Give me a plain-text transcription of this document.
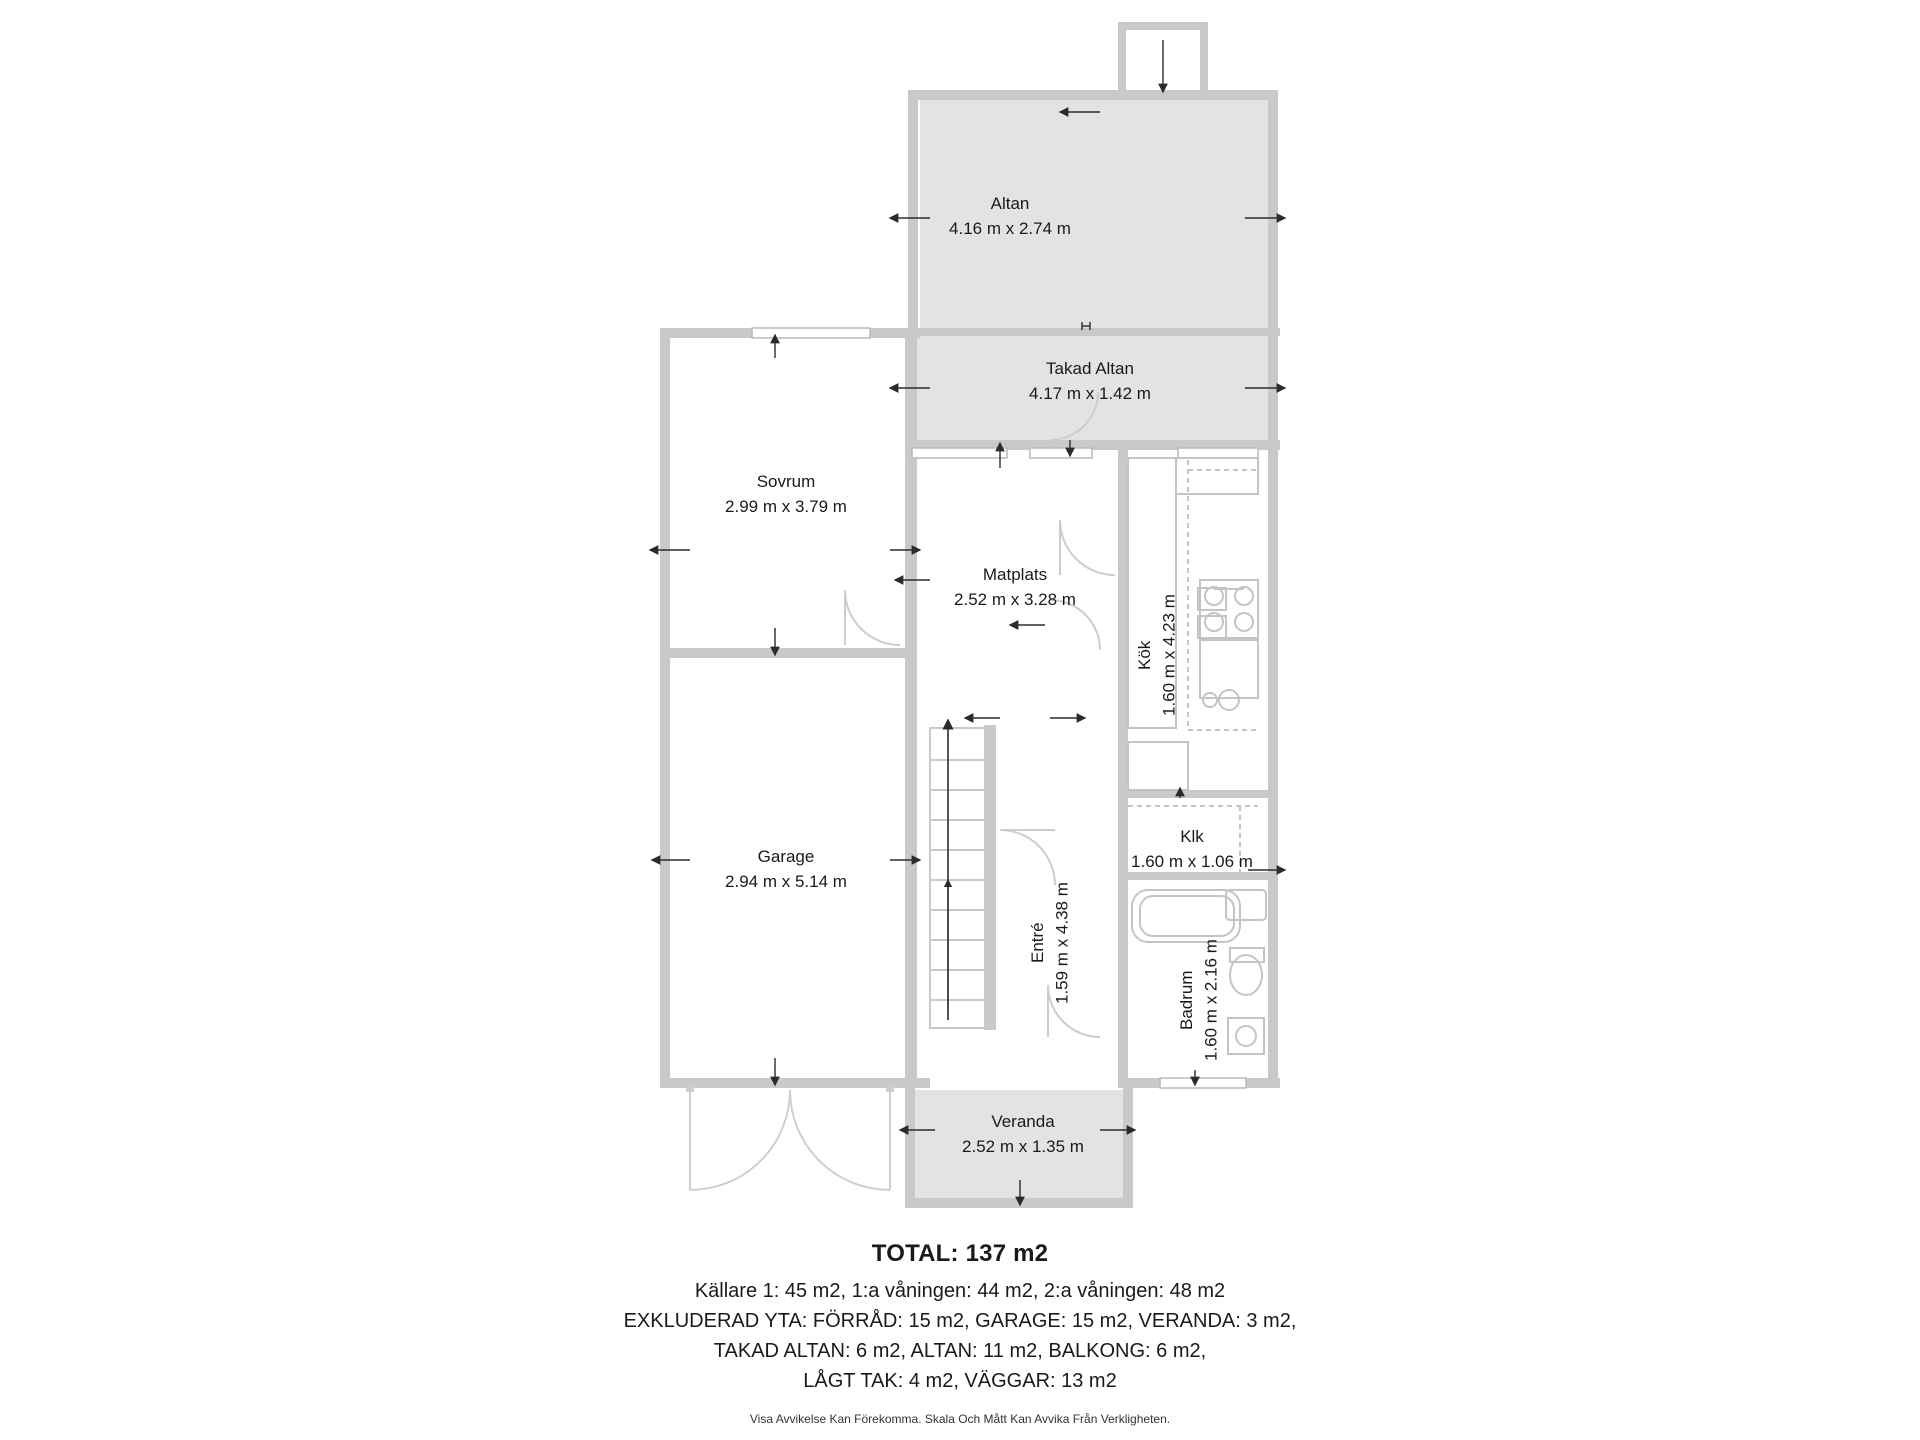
Altan
4.16 m x 2.74 m
Takad Altan
4.17 m x 1.42 m
Sovrum
2.99 m x 3.79 m
Matplats
2.52 m x 3.28 m
Kök 1.60 m x 4.23 m
Garage
2.94 m x 5.14 m
Entré 1.59 m x 4.38 m
Klk
1.60 m x 1.06 m
Badrum 1.60 m x 2.16 m
Veranda
2.52 m x 1.35 m
TOTAL: 137 m2
Källare 1: 45 m2, 1:a våningen: 44 m2, 2:a våningen: 48 m2
EXKLUDERAD YTA: FÖRRÅD: 15 m2, GARAGE: 15 m2, VERANDA: 3 m2,
TAKAD ALTAN: 6 m2, ALTAN: 11 m2, BALKONG: 6 m2,
LÅGT TAK: 4 m2, VÄGGAR: 13 m2
Visa Avvikelse Kan Förekomma. Skala Och Mått Kan Avvika Från Verkligheten.
